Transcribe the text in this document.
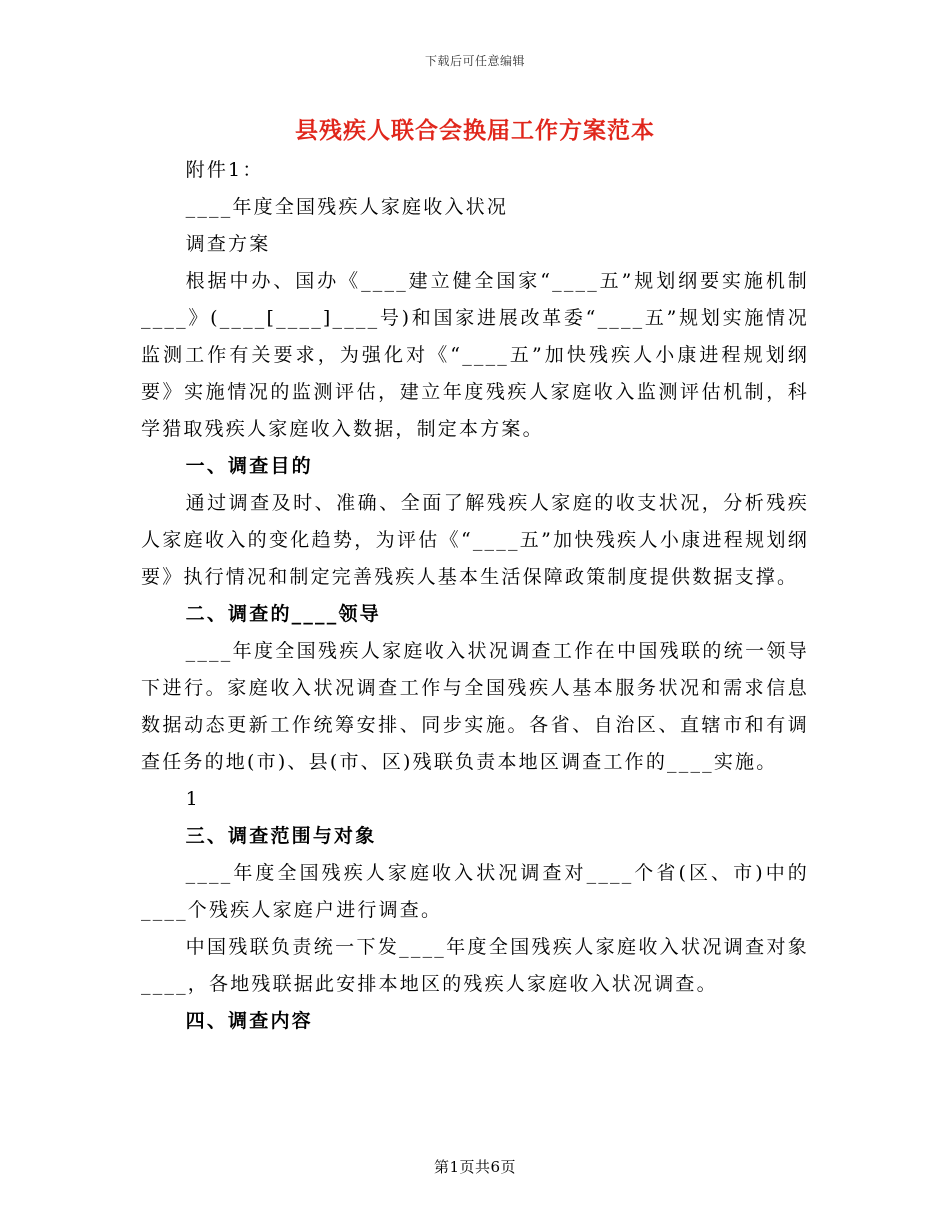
下载后可任意编辑
县残疾人联合会换届工作方案范本

附件1：

____年度全国残疾人家庭收入状况

调查方案

根据中办、国办《____建立健全国家“____五”规划纲要实施机制____》(____[____]____号)和国家进展改革委“____五”规划实施情况监测工作有关要求，为强化对《“____五”加快残疾人小康进程规划纲要》实施情况的监测评估，建立年度残疾人家庭收入监测评估机制，科学猎取残疾人家庭收入数据，制定本方案。

一、调查目的

通过调查及时、准确、全面了解残疾人家庭的收支状况，分析残疾人家庭收入的变化趋势，为评估《“____五”加快残疾人小康进程规划纲要》执行情况和制定完善残疾人基本生活保障政策制度提供数据支撑。

二、调查的____领导

____年度全国残疾人家庭收入状况调查工作在中国残联的统一领导下进行。家庭收入状况调查工作与全国残疾人基本服务状况和需求信息数据动态更新工作统筹安排、同步实施。各省、自治区、直辖市和有调查任务的地(市)、县(市、区)残联负责本地区调查工作的____实施。

1

三、调查范围与对象

____年度全国残疾人家庭收入状况调查对____个省(区、市)中的____个残疾人家庭户进行调查。

中国残联负责统一下发____年度全国残疾人家庭收入状况调查对象____，各地残联据此安排本地区的残疾人家庭收入状况调查。

四、调查内容

第1页共6页
